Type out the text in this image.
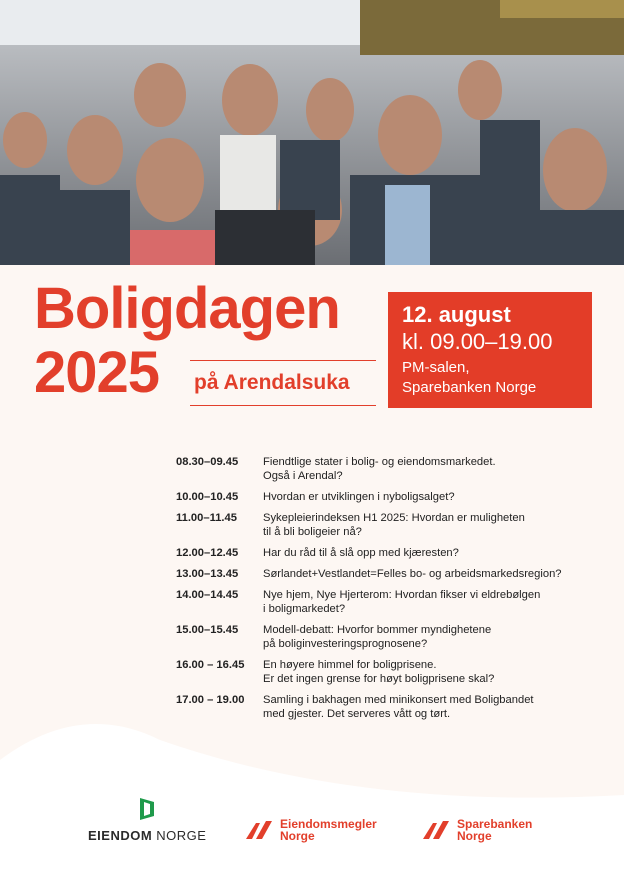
Boligdagen
2025	på Arendalsuka
12. august
kl. 09.00–19.00
PM-salen,
Sparebanken Norge
08.30–09.45	Fiendtlige stater i bolig- og eiendomsmarkedet.
Også i Arendal?
10.00–10.45	Hvordan er utviklingen i nyboligsalget?
11.00–11.45	Sykepleierindeksen H1 2025: Hvordan er muligheten
til å bli boligeier nå?
12.00–12.45	Har du råd til å slå opp med kjæresten?
13.00–13.45	Sørlandet+Vestlandet=Felles bo- og arbeidsmarkedsregion?
14.00–14.45	Nye hjem, Nye Hjerterom: Hvordan fikser vi eldrebølgen
i boligmarkedet?
15.00–15.45	Modell-debatt: Hvorfor bommer myndighetene
på boliginvesteringsprognosene?
16.00 – 16.45	En høyere himmel for boligprisene.
Er det ingen grense for høyt boligprisene skal?
17.00 – 19.00	Samling i bakhagen med minikonsert med Boligbandet
med gjester. Det serveres vått og tørt.
EIENDOM NORGE
Eiendomsmegler
Norge
Sparebanken
Norge
